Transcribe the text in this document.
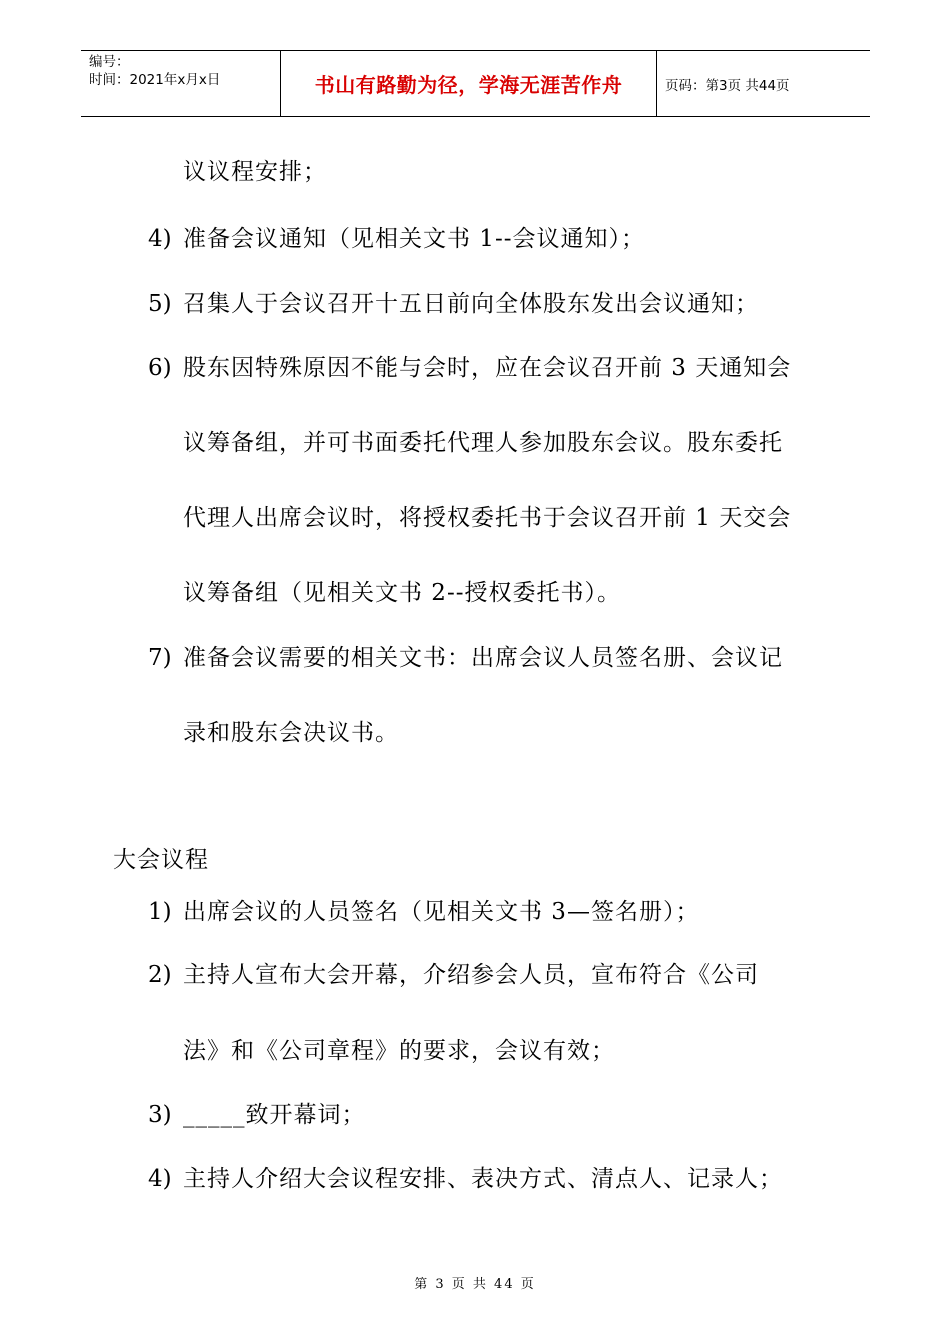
编号：
时间：2021年x月x日	书山有路勤为径，学海无涯苦作舟	页码：第3页 共44页
议议程安排；
4) 准备会议通知（见相关文书 1--会议通知）；
5) 召集人于会议召开十五日前向全体股东发出会议通知；
6) 股东因特殊原因不能与会时，应在会议召开前 3 天通知会
议筹备组，并可书面委托代理人参加股东会议。股东委托
代理人出席会议时，将授权委托书于会议召开前 1 天交会
议筹备组（见相关文书 2--授权委托书）。
7) 准备会议需要的相关文书：出席会议人员签名册、会议记
录和股东会决议书。
大会议程
1) 出席会议的人员签名（见相关文书 3—签名册）；
2) 主持人宣布大会开幕，介绍参会人员，宣布符合《公司
法》和《公司章程》的要求，会议有效；
3) _____致开幕词；
4) 主持人介绍大会议程安排、表决方式、清点人、记录人；
第 3 页 共 44 页
